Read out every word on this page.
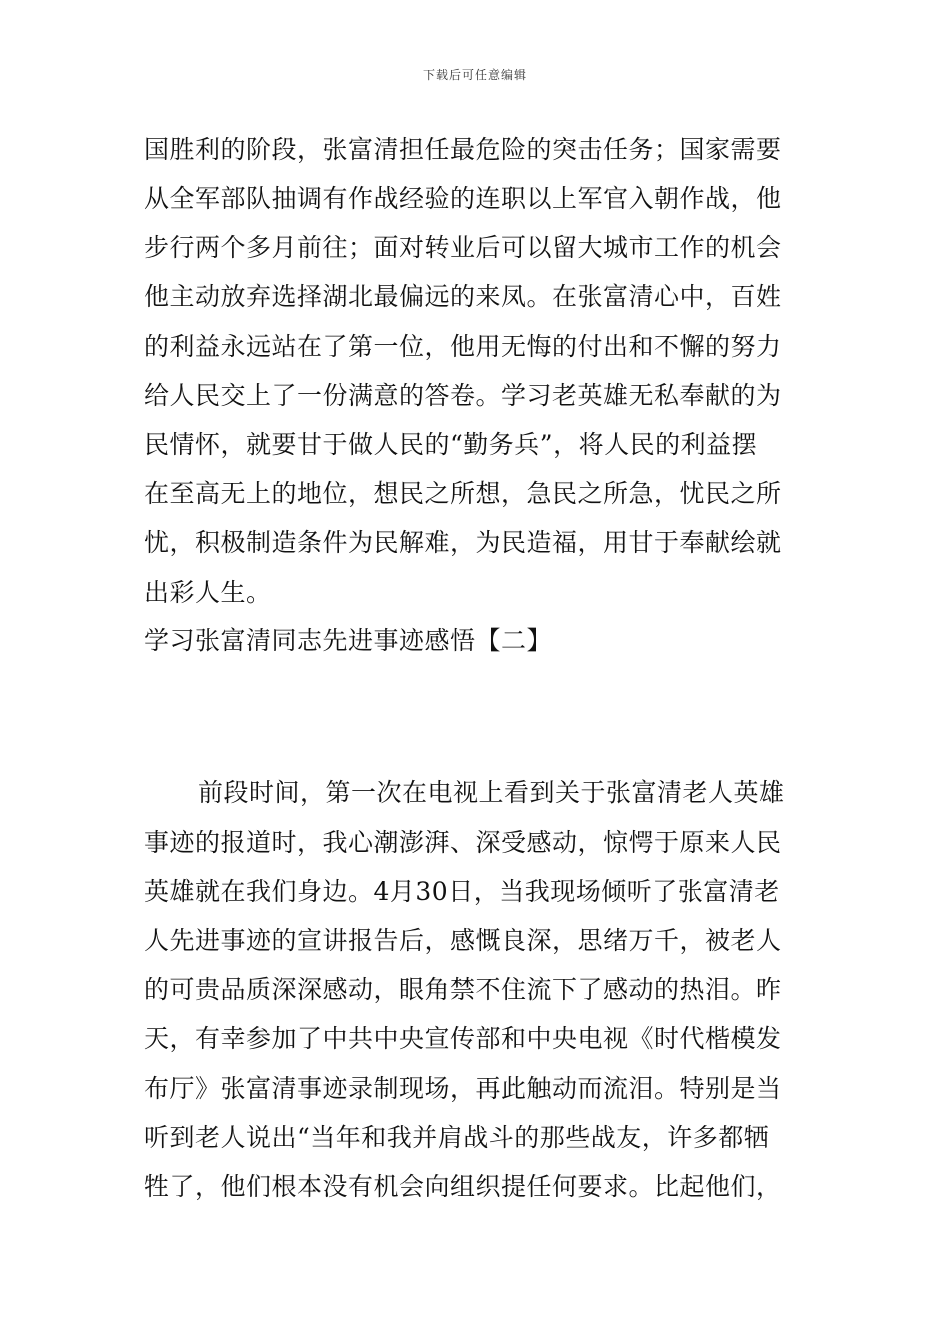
下载后可任意编辑
国胜利的阶段，张富清担任最危险的突击任务；国家需要
从全军部队抽调有作战经验的连职以上军官入朝作战，他
步行两个多月前往；面对转业后可以留大城市工作的机会
他主动放弃选择湖北最偏远的来凤。在张富清心中，百姓
的利益永远站在了第一位，他用无悔的付出和不懈的努力
给人民交上了一份满意的答卷。学习老英雄无私奉献的为
民情怀，就要甘于做人民的“勤务兵”，将人民的利益摆
在至高无上的地位，想民之所想，急民之所急，忧民之所
忧，积极制造条件为民解难，为民造福，用甘于奉献绘就
出彩人生。
学习张富清同志先进事迹感悟【二】
前段时间，第一次在电视上看到关于张富清老人英雄
事迹的报道时，我心潮澎湃、深受感动，惊愕于原来人民
英雄就在我们身边。4月30日，当我现场倾听了张富清老
人先进事迹的宣讲报告后，感慨良深，思绪万千，被老人
的可贵品质深深感动，眼角禁不住流下了感动的热泪。昨
天，有幸参加了中共中央宣传部和中央电视《时代楷模发
布厅》张富清事迹录制现场，再此触动而流泪。特别是当
听到老人说出“当年和我并肩战斗的那些战友，许多都牺
牲了，他们根本没有机会向组织提任何要求。比起他们，
